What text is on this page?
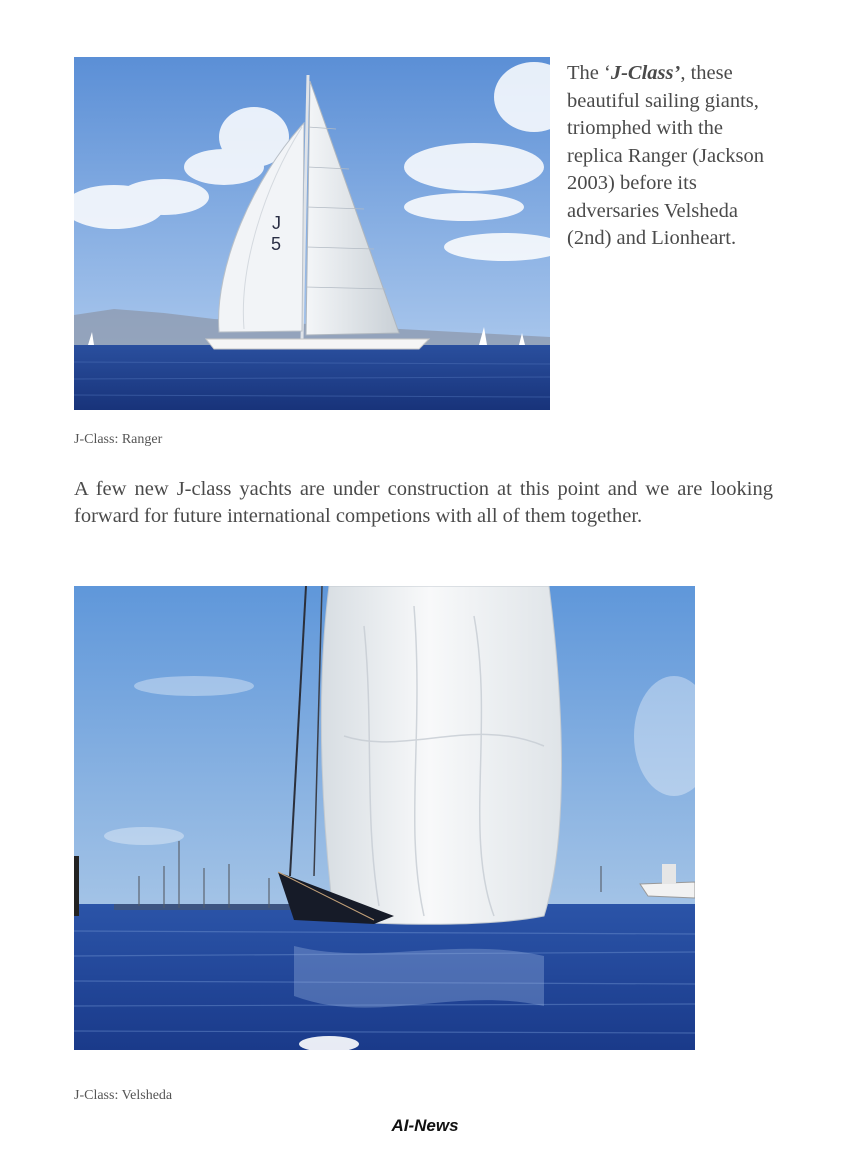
J
5
The ‘J-Class’, these beautiful sailing giants, triomphed with the replica Ranger (Jackson 2003) before its adversaries Velsheda (2nd) and Lionheart.
J-Class: Ranger
A few new J-class yachts are under construction at this point and we are looking forward for future international competions with all of them together.
J-Class: Velsheda
AI-News
